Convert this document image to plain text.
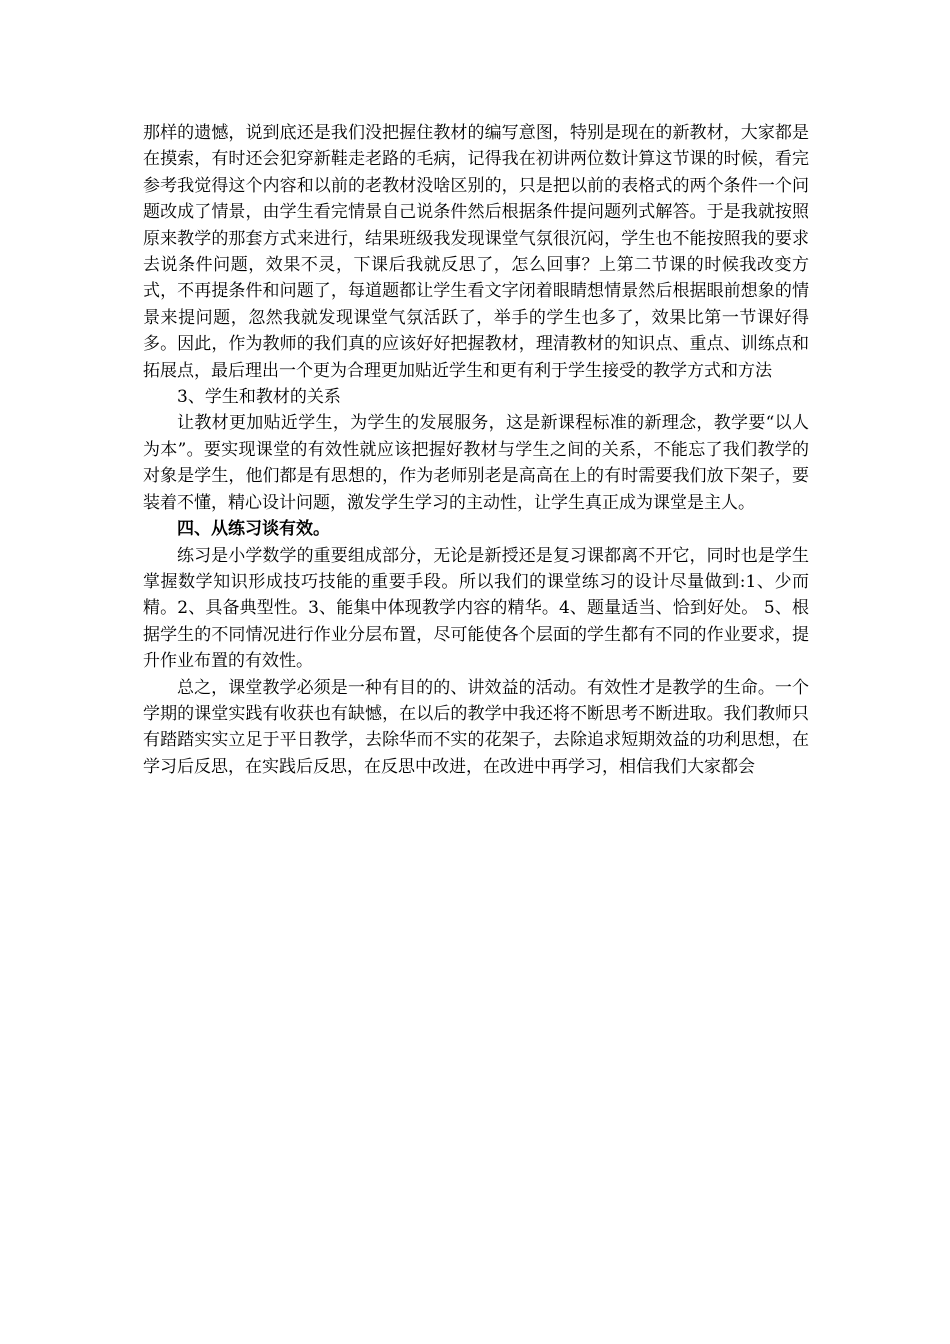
那样的遗憾，说到底还是我们没把握住教材的编写意图，特别是现在的新教材，大家都是在摸索，有时还会犯穿新鞋走老路的毛病，记得我在初讲两位数计算这节课的时候，看完参考我觉得这个内容和以前的老教材没啥区别的，只是把以前的表格式的两个条件一个问题改成了情景，由学生看完情景自己说条件然后根据条件提问题列式解答。于是我就按照原来教学的那套方式来进行，结果班级我发现课堂气氛很沉闷，学生也不能按照我的要求去说条件问题，效果不灵，下课后我就反思了，怎么回事？上第二节课的时候我改变方式，不再提条件和问题了，每道题都让学生看文字闭着眼睛想情景然后根据眼前想象的情景来提问题，忽然我就发现课堂气氛活跃了，举手的学生也多了，效果比第一节课好得多。因此，作为教师的我们真的应该好好把握教材，理清教材的知识点、重点、训练点和拓展点，最后理出一个更为合理更加贴近学生和更有利于学生接受的教学方式和方法

3、学生和教材的关系

让教材更加贴近学生，为学生的发展服务，这是新课程标准的新理念，教学要“以人为本”。要实现课堂的有效性就应该把握好教材与学生之间的关系，不能忘了我们教学的对象是学生，他们都是有思想的，作为老师别老是高高在上的有时需要我们放下架子，要装着不懂，精心设计问题，激发学生学习的主动性，让学生真正成为课堂是主人。

四、从练习谈有效。

练习是小学数学的重要组成部分，无论是新授还是复习课都离不开它，同时也是学生掌握数学知识形成技巧技能的重要手段。所以我们的课堂练习的设计尽量做到:1、少而精。2、具备典型性。3、能集中体现教学内容的精华。4、题量适当、恰到好处。 5、根据学生的不同情况进行作业分层布置，尽可能使各个层面的学生都有不同的作业要求，提升作业布置的有效性。

总之，课堂教学必须是一种有目的的、讲效益的活动。有效性才是教学的生命。一个学期的课堂实践有收获也有缺憾，在以后的教学中我还将不断思考不断进取。我们教师只有踏踏实实立足于平日教学，去除华而不实的花架子，去除追求短期效益的功利思想，在学习后反思，在实践后反思，在反思中改进，在改进中再学习，相信我们大家都会
